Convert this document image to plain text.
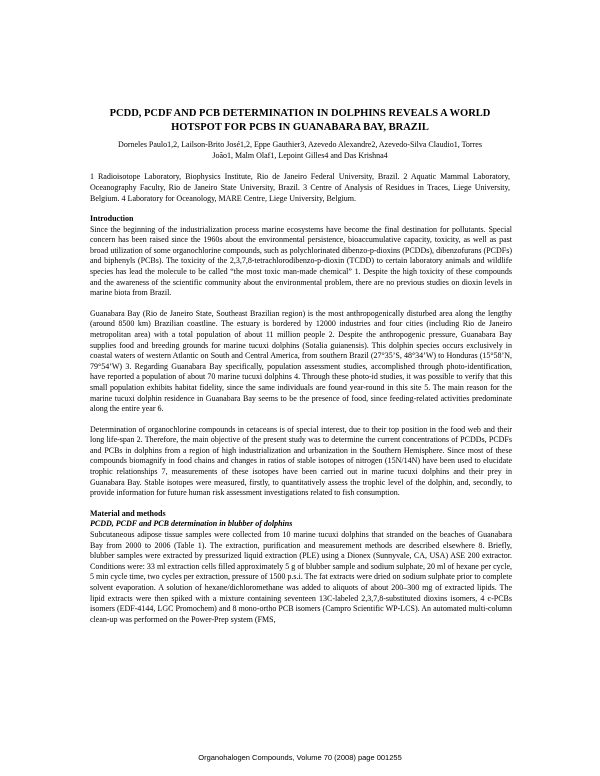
PCDD, PCDF AND PCB DETERMINATION IN DOLPHINS REVEALS A WORLD
HOTSPOT FOR PCBS IN GUANABARA BAY, BRAZIL
Dorneles Paulo1,2, Lailson-Brito José1,2, Eppe Gauthier3, Azevedo Alexandre2, Azevedo-Silva Claudio1, Torres
João1, Malm Olaf1, Lepoint Gilles4 and Das Krishna4
1 Radioisotope Laboratory, Biophysics Institute, Rio de Janeiro Federal University, Brazil. 2 Aquatic Mammal Laboratory, Oceanography Faculty, Rio de Janeiro State University, Brazil. 3 Centre of Analysis of Residues in Traces, Liege University, Belgium. 4 Laboratory for Oceanology, MARE Centre, Liege University, Belgium.
Introduction

Since the beginning of the industrialization process marine ecosystems have become the final destination for pollutants. Special concern has been raised since the 1960s about the environmental persistence, bioaccumulative capacity, toxicity, as well as past broad utilization of some organochlorine compounds, such as polychlorinated dibenzo-p-dioxins (PCDDs), dibenzofurans (PCDFs) and biphenyls (PCBs). The toxicity of the 2,3,7,8-tetrachlorodibenzo-p-dioxin (TCDD) to certain laboratory animals and wildlife species has lead the molecule to be called “the most toxic man-made chemical” 1. Despite the high toxicity of these compounds and the awareness of the scientific community about the environmental problem, there are no previous studies on dioxin levels in marine biota from Brazil.

Guanabara Bay (Rio de Janeiro State, Southeast Brazilian region) is the most anthropogenically disturbed area along the lengthy (around 8500 km) Brazilian coastline. The estuary is bordered by 12000 industries and four cities (including Rio de Janeiro metropolitan area) with a total population of about 11 million people 2. Despite the anthropogenic pressure, Guanabara Bay supplies food and breeding grounds for marine tucuxi dolphins (Sotalia guianensis). This dolphin species occurs exclusively in coastal waters of western Atlantic on South and Central America, from southern Brazil (27°35’S, 48°34’W) to Honduras (15°58’N, 79°54’W) 3. Regarding Guanabara Bay specifically, population assessment studies, accomplished through photo-identification, have reported a population of about 70 marine tucuxi dolphins 4. Through these photo-id studies, it was possible to verify that this small population exhibits habitat fidelity, since the same individuals are found year-round in this site 5. The main reason for the marine tucuxi dolphin residence in Guanabara Bay seems to be the presence of food, since feeding-related activities predominate along the entire year 6.

Determination of organochlorine compounds in cetaceans is of special interest, due to their top position in the food web and their long life-span 2. Therefore, the main objective of the present study was to determine the current concentrations of PCDDs, PCDFs and PCBs in dolphins from a region of high industrialization and urbanization in the Southern Hemisphere. Since most of these compounds biomagnify in food chains and changes in ratios of stable isotopes of nitrogen (15N/14N) have been used to elucidate trophic relationships 7, measurements of these isotopes have been carried out in marine tucuxi dolphins and their prey in Guanabara Bay. Stable isotopes were measured, firstly, to quantitatively assess the trophic level of the dolphin, and, secondly, to provide information for future human risk assessment investigations related to fish consumption.

Material and methods
PCDD, PCDF and PCB determination in blubber of dolphins

Subcutaneous adipose tissue samples were collected from 10 marine tucuxi dolphins that stranded on the beaches of Guanabara Bay from 2000 to 2006 (Table 1). The extraction, purification and measurement methods are described elsewhere 8. Briefly, blubber samples were extracted by pressurized liquid extraction (PLE) using a Dionex (Sunnyvale, CA, USA) ASE 200 extractor. Conditions were: 33 ml extraction cells filled approximately 5 g of blubber sample and sodium sulphate, 20 ml of hexane per cycle, 5 min cycle time, two cycles per extraction, pressure of 1500 p.s.i. The fat extracts were dried on sodium sulphate prior to complete solvent evaporation. A solution of hexane/dichloromethane was added to aliquots of about 200–300 mg of extracted lipids. The lipid extracts were then spiked with a mixture containing seventeen 13C-labeled 2,3,7,8-substituted dioxins isomers, 4 c-PCBs isomers (EDF-4144, LGC Promochem) and 8 mono-ortho PCB isomers (Campro Scientific WP-LCS). An automated multi-column clean-up was performed on the Power-Prep system (FMS,

Organohalogen Compounds, Volume 70 (2008) page 001255
